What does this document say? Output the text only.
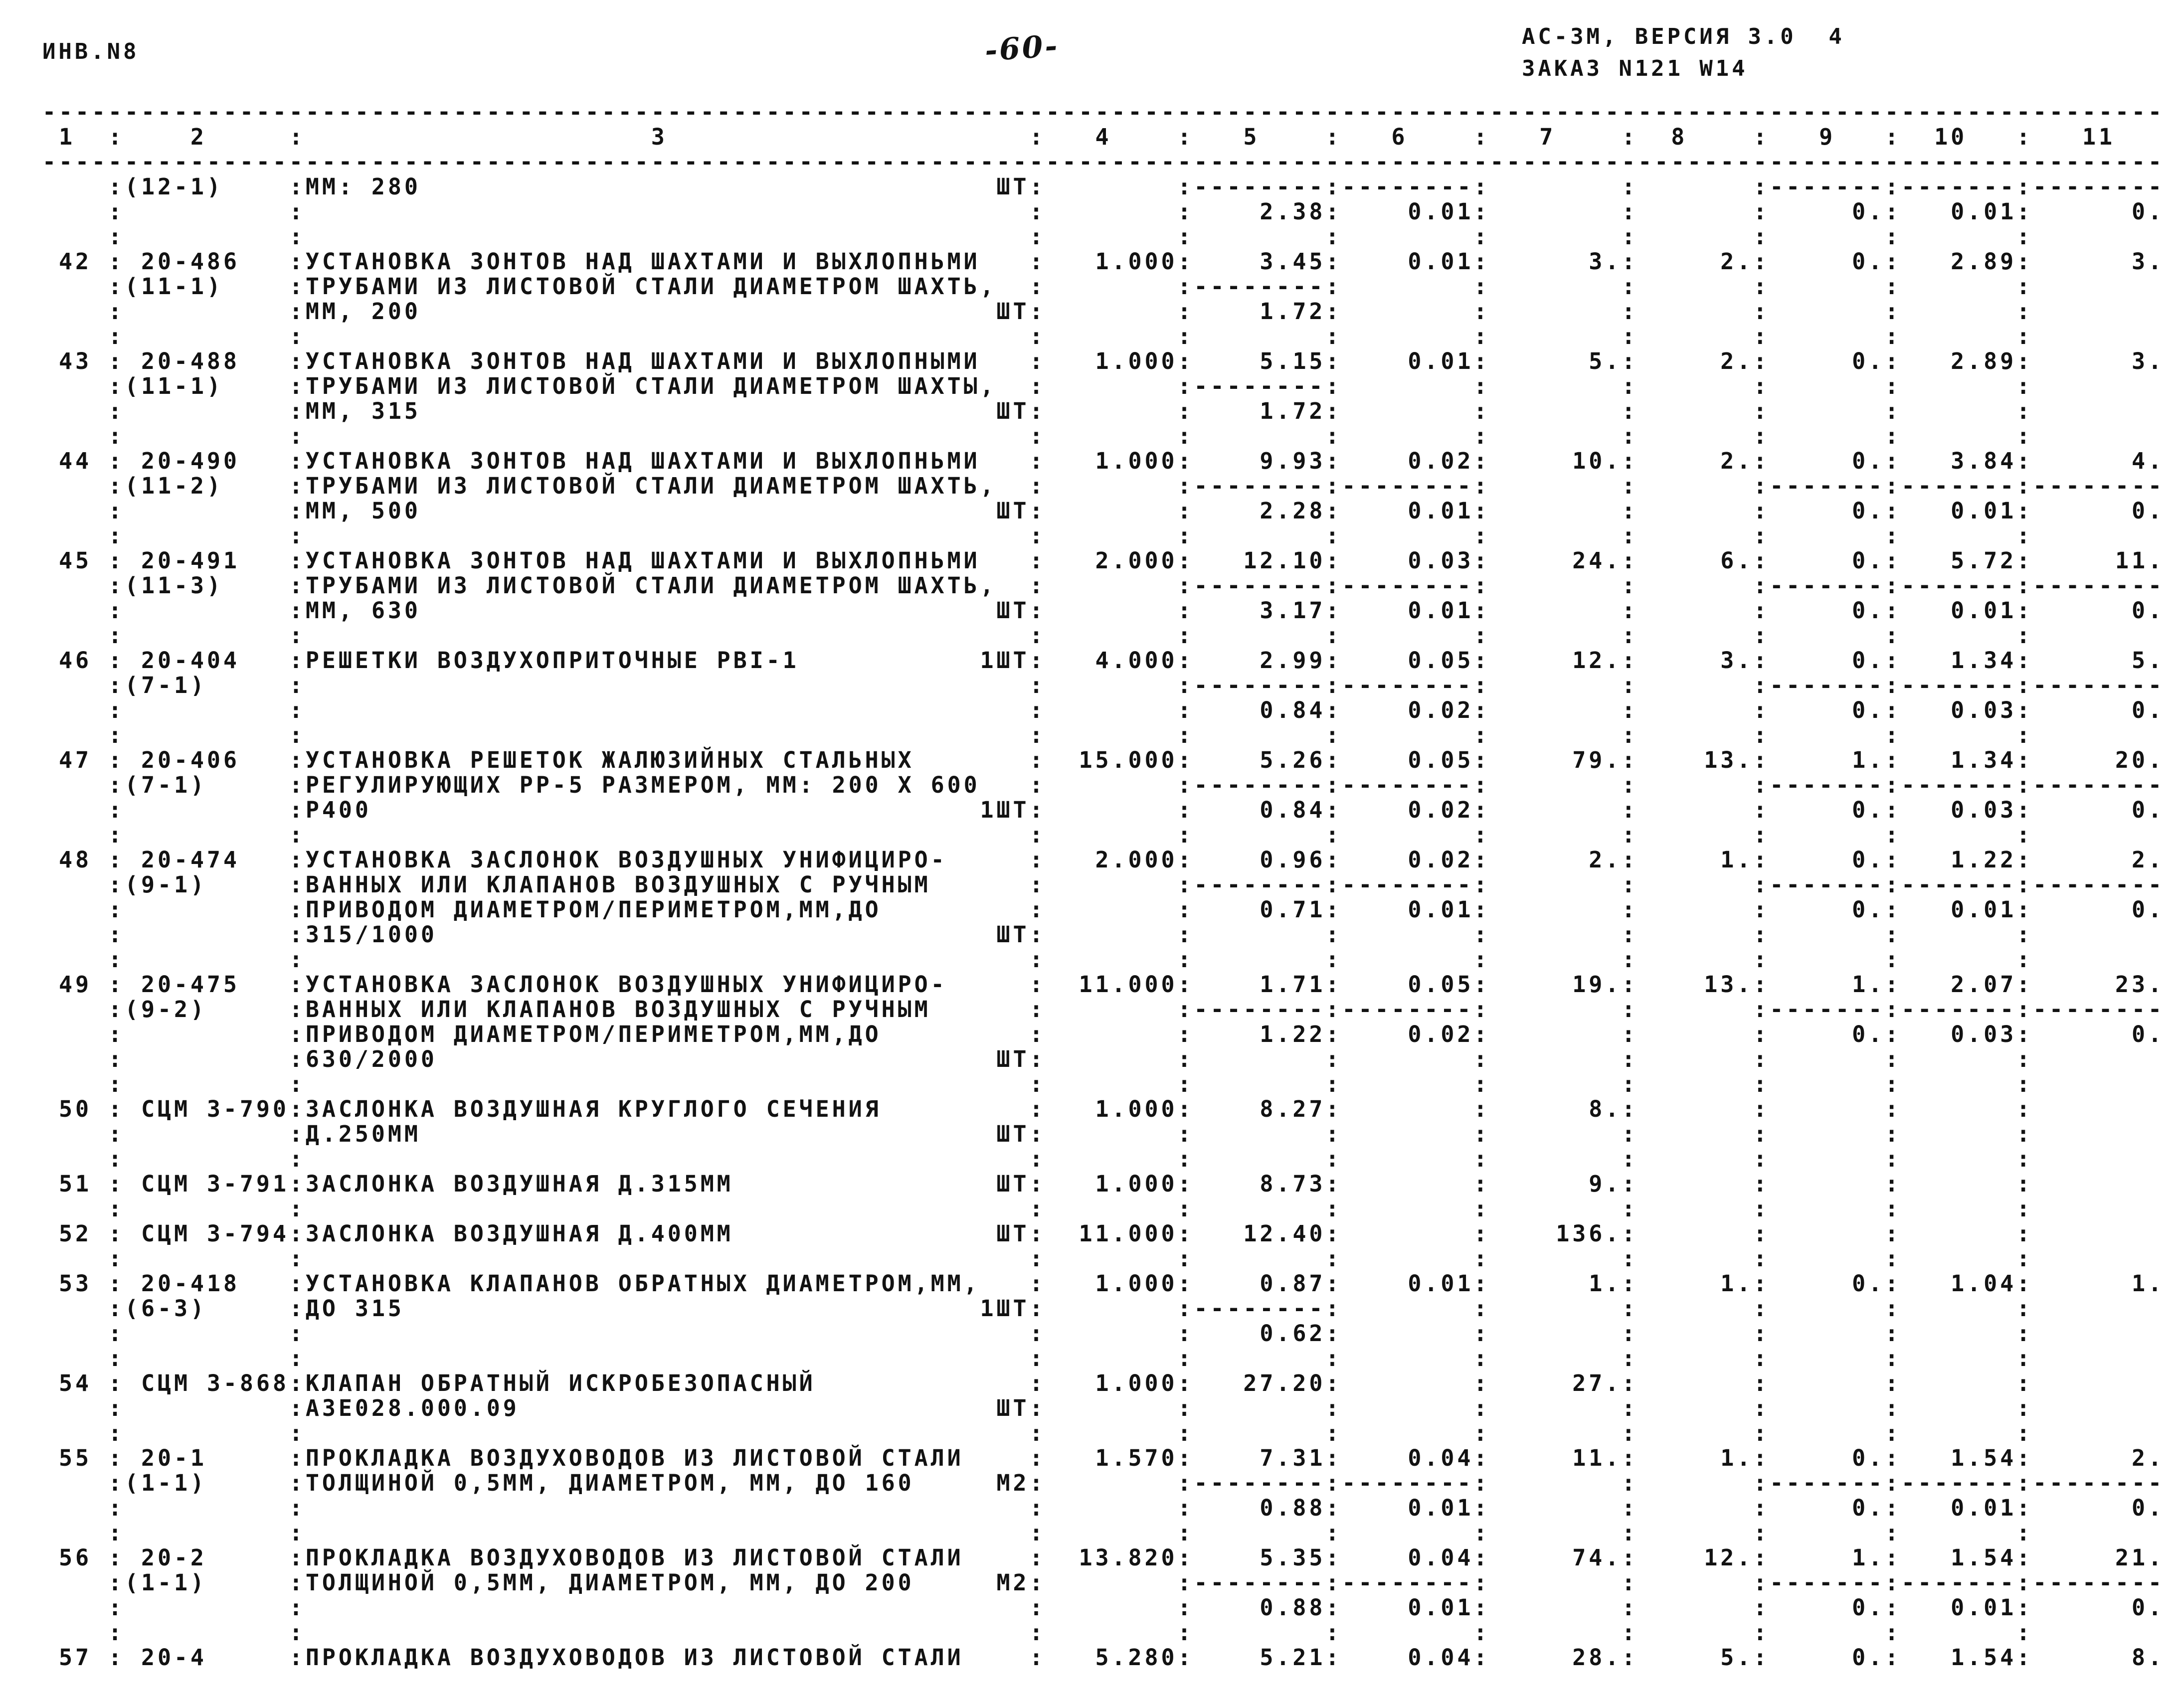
ИНВ.N8	-60-	АС-3М, ВЕРСИЯ 3.0  4
ЗАКАЗ N121 W14
---------------------------------------------------------------------------------------------------------------------------------
1  :    2     :                     3                      :   4    :   5    :   6    :   7    :  8    :   9   :  10   :   11
---------------------------------------------------------------------------------------------------------------------------------
:(12-1)    :ММ: 280                                   ШТ:        :--------:--------:        :       :-------:-------:--------
:          :                                            :        :    2.38:    0.01:        :       :     0.:   0.01:      0.
:          :                                            :        :        :        :        :       :       :       :
42 : 20-486   :УСТАНОВКА ЗОНТОВ НАД ШАХТАМИ И ВЫХЛОПНЬМИ   :   1.000:    3.45:    0.01:      3.:     2.:     0.:   2.89:      3.
:(11-1)    :ТРУБАМИ ИЗ ЛИСТОВОЙ СТАЛИ ДИАМЕТРОМ ШАХТЬ,  :        :--------:        :        :       :       :       :
:          :ММ, 200                                   ШТ:        :    1.72:        :        :       :       :       :
:          :                                            :        :        :        :        :       :       :       :
43 : 20-488   :УСТАНОВКА ЗОНТОВ НАД ШАХТАМИ И ВЫХЛОПНЫМИ   :   1.000:    5.15:    0.01:      5.:     2.:     0.:   2.89:      3.
:(11-1)    :ТРУБАМИ ИЗ ЛИСТОВОЙ СТАЛИ ДИАМЕТРОМ ШАХТЫ,  :        :--------:        :        :       :       :       :
:          :ММ, 315                                   ШТ:        :    1.72:        :        :       :       :       :
:          :                                            :        :        :        :        :       :       :       :
44 : 20-490   :УСТАНОВКА ЗОНТОВ НАД ШАХТАМИ И ВЫХЛОПНЬМИ   :   1.000:    9.93:    0.02:     10.:     2.:     0.:   3.84:      4.
:(11-2)    :ТРУБАМИ ИЗ ЛИСТОВОЙ СТАЛИ ДИАМЕТРОМ ШАХТЬ,  :        :--------:--------:        :       :-------:-------:--------
:          :ММ, 500                                   ШТ:        :    2.28:    0.01:        :       :     0.:   0.01:      0.
:          :                                            :        :        :        :        :       :       :       :
45 : 20-491   :УСТАНОВКА ЗОНТОВ НАД ШАХТАМИ И ВЫХЛОПНЬМИ   :   2.000:   12.10:    0.03:     24.:     6.:     0.:   5.72:     11.
:(11-3)    :ТРУБАМИ ИЗ ЛИСТОВОЙ СТАЛИ ДИАМЕТРОМ ШАХТЬ,  :        :--------:--------:        :       :-------:-------:--------
:          :ММ, 630                                   ШТ:        :    3.17:    0.01:        :       :     0.:   0.01:      0.
:          :                                            :        :        :        :        :       :       :       :
46 : 20-404   :РЕШЕТКИ ВОЗДУХОПРИТОЧНЫЕ РВI-1           1ШТ:   4.000:    2.99:    0.05:     12.:     3.:     0.:   1.34:      5.
:(7-1)     :                                            :        :--------:--------:        :       :-------:-------:--------
:          :                                            :        :    0.84:    0.02:        :       :     0.:   0.03:      0.
:          :                                            :        :        :        :        :       :       :       :
47 : 20-406   :УСТАНОВКА РЕШЕТОК ЖАЛЮЗИЙНЫХ СТАЛЬНЫХ       :  15.000:    5.26:    0.05:     79.:    13.:     1.:   1.34:     20.
:(7-1)     :РЕГУЛИРУЮЩИХ РР-5 РАЗМЕРОМ, ММ: 200 Х 600   :        :--------:--------:        :       :-------:-------:--------
:          :Р400                                     1ШТ:        :    0.84:    0.02:        :       :     0.:   0.03:      0.
:          :                                            :        :        :        :        :       :       :       :
48 : 20-474   :УСТАНОВКА ЗАСЛОНОК ВОЗДУШНЫХ УНИФИЦИРО-     :   2.000:    0.96:    0.02:      2.:     1.:     0.:   1.22:      2.
:(9-1)     :ВАННЫХ ИЛИ КЛАПАНОВ ВОЗДУШНЫХ С РУЧНЫМ      :        :--------:--------:        :       :-------:-------:--------
:          :ПРИВОДОМ ДИАМЕТРОМ/ПЕРИМЕТРОМ,ММ,ДО         :        :    0.71:    0.01:        :       :     0.:   0.01:      0.
:          :315/1000                                  ШТ:        :        :        :        :       :       :       :
:          :                                            :        :        :        :        :       :       :       :
49 : 20-475   :УСТАНОВКА ЗАСЛОНОК ВОЗДУШНЫХ УНИФИЦИРО-     :  11.000:    1.71:    0.05:     19.:    13.:     1.:   2.07:     23.
:(9-2)     :ВАННЫХ ИЛИ КЛАПАНОВ ВОЗДУШНЫХ С РУЧНЫМ      :        :--------:--------:        :       :-------:-------:--------
:          :ПРИВОДОМ ДИАМЕТРОМ/ПЕРИМЕТРОМ,ММ,ДО         :        :    1.22:    0.02:        :       :     0.:   0.03:      0.
:          :630/2000                                  ШТ:        :        :        :        :       :       :       :
:          :                                            :        :        :        :        :       :       :       :
50 : СЦМ 3-790:ЗАСЛОНКА ВОЗДУШНАЯ КРУГЛОГО СЕЧЕНИЯ         :   1.000:    8.27:        :      8.:       :       :       :
:          :Д.250ММ                                   ШТ:        :        :        :        :       :       :       :
:          :                                            :        :        :        :        :       :       :       :
51 : СЦМ 3-791:ЗАСЛОНКА ВОЗДУШНАЯ Д.315ММ                ШТ:   1.000:    8.73:        :      9.:       :       :       :
:          :                                            :        :        :        :        :       :       :       :
52 : СЦМ 3-794:ЗАСЛОНКА ВОЗДУШНАЯ Д.400ММ                ШТ:  11.000:   12.40:        :    136.:       :       :       :
:          :                                            :        :        :        :        :       :       :       :
53 : 20-418   :УСТАНОВКА КЛАПАНОВ ОБРАТНЫХ ДИАМЕТРОМ,ММ,   :   1.000:    0.87:    0.01:      1.:     1.:     0.:   1.04:      1.
:(6-3)     :ДО 315                                   1ШТ:        :--------:        :        :       :       :       :
:          :                                            :        :    0.62:        :        :       :       :       :
:          :                                            :        :        :        :        :       :       :       :
54 : СЦМ 3-868:КЛАПАН ОБРАТНЫЙ ИСКРОБЕЗОПАСНЫЙ             :   1.000:   27.20:        :     27.:       :       :       :
:          :АЗЕ028.000.09                             ШТ:        :        :        :        :       :       :       :
:          :                                            :        :        :        :        :       :       :       :
55 : 20-1     :ПРОКЛАДКА ВОЗДУХОВОДОВ ИЗ ЛИСТОВОЙ СТАЛИ    :   1.570:    7.31:    0.04:     11.:     1.:     0.:   1.54:      2.
:(1-1)     :ТОЛЩИНОЙ 0,5ММ, ДИАМЕТРОМ, ММ, ДО 160     М2:        :--------:--------:        :       :-------:-------:--------
:          :                                            :        :    0.88:    0.01:        :       :     0.:   0.01:      0.
:          :                                            :        :        :        :        :       :       :       :
56 : 20-2     :ПРОКЛАДКА ВОЗДУХОВОДОВ ИЗ ЛИСТОВОЙ СТАЛИ    :  13.820:    5.35:    0.04:     74.:    12.:     1.:   1.54:     21.
:(1-1)     :ТОЛЩИНОЙ 0,5ММ, ДИАМЕТРОМ, ММ, ДО 200     М2:        :--------:--------:        :       :-------:-------:--------
:          :                                            :        :    0.88:    0.01:        :       :     0.:   0.01:      0.
:          :                                            :        :        :        :        :       :       :       :
57 : 20-4     :ПРОКЛАДКА ВОЗДУХОВОДОВ ИЗ ЛИСТОВОЙ СТАЛИ    :   5.280:    5.21:    0.04:     28.:     5.:     0.:   1.54:      8.
